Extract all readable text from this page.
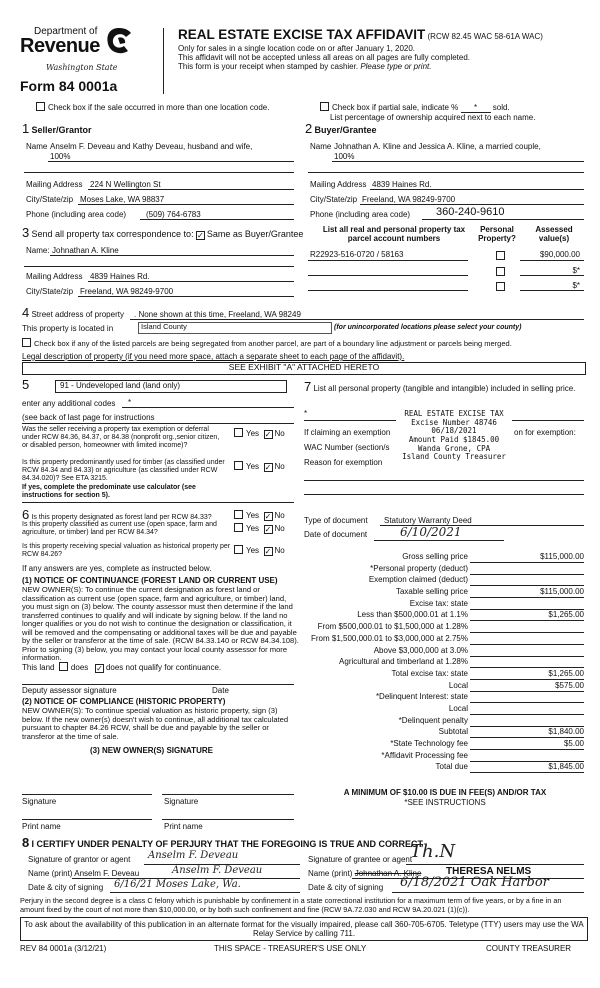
Department of
Revenue
Washington State
Form 84 0001a
REAL ESTATE EXCISE TAX AFFIDAVIT (RCW 82.45 WAC 58-61A WAC)
Only for sales in a single location code on or after January 1, 2020.
This affidavit will not be accepted unless all areas on all pages are fully completed.
This form is your receipt when stamped by cashier. Please type or print.
Check box if the sale occurred in more than one location code.	Check box if partial sale, indicate % * sold.
List percentage of ownership acquired next to each name.
1 Seller/Grantor
Name Anselm F. Deveau and Kathy Deveau, husband and wife,
100%
Mailing Address 224 N Wellington St
City/State/zip Moses Lake, WA 98837
Phone (including area code) (509) 764-6783
2 Buyer/Grantee
Name Johnathan A. Kline and Jessica A. Kline, a married couple,
100%
Mailing Address 4839 Haines Rd.
City/State/zip Freeland, WA 98249-9700
Phone (including area code) 360-240-9610
3 Send all property tax correspondence to: ✓ Same as Buyer/Grantee
Name: Johnathan A. Kline
Mailing Address 4839 Haines Rd.
City/State/zip Freeland, WA 98249-9700
List all real and personal property tax parcel account numbers
Personal Property?
Assessed value(s)
R22923-516-0720 / 58163	$90,000.00
$*
$*
4 Street address of property . None shown at this time, Freeland, WA 98249
This property is located in	Island County	(for unincorporated locations please select your county)
Check box if any of the listed parcels are being segregated from another parcel, are part of a boundary line adjustment or parcels being merged.
Legal description of property (if you need more space, attach a separate sheet to each page of the affidavit).
SEE EXHIBIT "A" ATTACHED HERETO
5	91 - Undeveloped land (land only)
enter any additional codes *
(see back of last page for instructions
Was the seller receiving a property tax exemption or deferral under RCW 84.36, 84.37, or 84.38 (nonprofit org.,senior citizen, or disabled person, homeowner with limited income)?
Yes ✓ No
Is this property predominantly used for timber (as classified under RCW 84.34 and 84.33) or agriculture (as classified under RCW 84.34.020)? See ETA 3215.
Yes ✓ No
If yes, complete the predominate use calculator (see instructions for section 5).
6 Is this property designated as forest land per RCW 84.33?	Yes ✓ No
Is this property classified as current use (open space, farm and agriculture, or timber) land per RCW 84.34?	Yes ✓ No
Is this property receiving special valuation as historical property per RCW 84.26?	Yes ✓ No
If any answers are yes, complete as instructed below.
(1) NOTICE OF CONTINUANCE (FOREST LAND OR CURRENT USE)
NEW OWNER(S): To continue the current designation as forest land or classification as current use (open space, farm and agriculture, or timber) land, you must sign on (3) below. The county assessor must then determine if the land transferred continues to qualify and will indicate by signing below. If the land no longer qualifies or you do not wish to continue the designation or classification, it will be removed and the compensating or additional taxes will be due and payable by the seller or transferor at the time of sale. (RCW 84.33.140 or RCW 84.34.108). Prior to signing (3) below, you may contact your local county assessor for more information.
This land does ✓ does not qualify for continuance.
Deputy assessor signature	Date
(2) NOTICE OF COMPLIANCE (HISTORIC PROPERTY)
NEW OWNER(S): To continue special valuation as historic property, sign (3) below. If the new owner(s) doesn't wish to continue, all additional tax calculated pursuant to chapter 84.26 RCW, shall be due and payable by the seller or transferor at the time of sale.
(3) NEW OWNER(S) SIGNATURE
Signature	Signature
Print name	Print name
7 List all personal property (tangible and intangible) included in selling price.
*
If claiming an exemption	on for exemption:
WAC Number (section/s
Reason for exemption
REAL ESTATE EXCISE TAX
Excise Number 48746
06/18/2021
Amount Paid $1845.00
Wanda Grone, CPA
Island County Treasurer
Type of document Statutory Warranty Deed
Date of document	6/10/2021
Gross selling price	$115,000.00
*Personal property (deduct)
Exemption claimed (deduct)
Taxable selling price	$115,000.00
Excise tax: state
Less than $500,000.01 at 1.1%	$1,265.00
From $500,000.01 to $1,500,000 at 1.28%
From $1,500,000.01 to $3,000,000 at 2.75%
Above $3,000,000 at 3.0%
Agricultural and timberland at 1.28%
Total excise tax: state	$1,265.00
Local	$575.00
*Delinquent Interest: state
Local
*Delinquent penalty
Subtotal	$1,840.00
*State Technology fee	$5.00
*Affidavit Processing fee
Total due	$1,845.00
A MINIMUM OF $10.00 IS DUE IN FEE(S) AND/OR TAX
*SEE INSTRUCTIONS
8 I CERTIFY UNDER PENALTY OF PERJURY THAT THE FOREGOING IS TRUE AND CORRECT
Signature of grantor or agent Anselm F. Deveau
Name (print) Anselm F. Deveau	Anselm F. Deveau
Date & city of signing 6/16/21 Moses Lake, Wa.
Signature of grantee or agent
Th.N
Name (print) Johnathan A. Kline THERESA NELMS
Date & city of signing 6/18/2021 Oak Harbor
Perjury in the second degree is a class C felony which is punishable by confinement in a state correctional institution for a maximum term of five years, or by a fine in an amount fixed by the court of not more than $10,000.00, or by both such confinement and fine (RCW 9A.72.030 and RCW 9A.20.021 (1)(c)).
To ask about the availability of this publication in an alternate format for the visually impaired, please call 360-705-6705. Teletype (TTY) users may use the WA Relay Service by calling 711.
REV 84 0001a (3/12/21)	THIS SPACE - TREASURER'S USE ONLY	COUNTY TREASURER
